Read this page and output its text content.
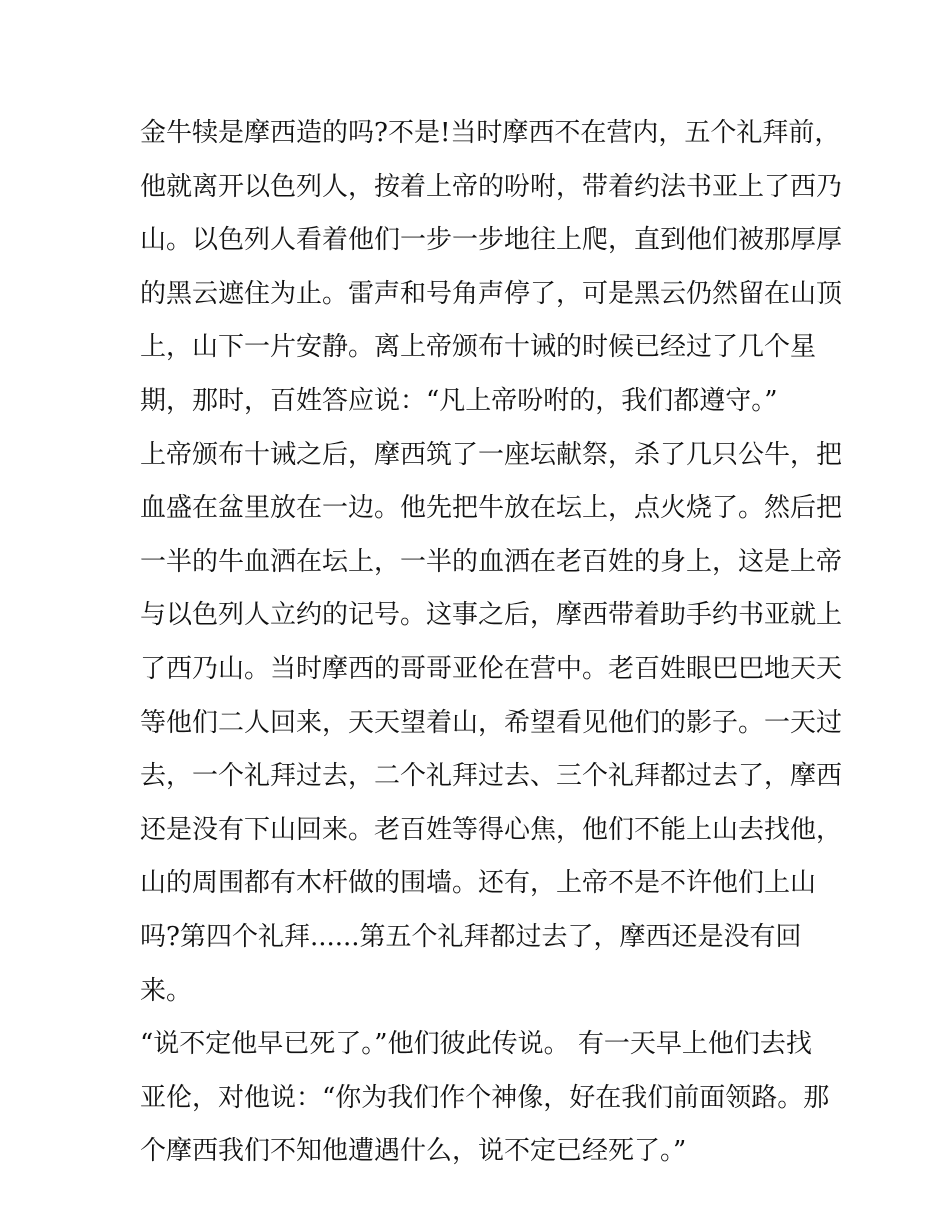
金牛犊是摩西造的吗?不是!当时摩西不在营内，五个礼拜前，
他就离开以色列人，按着上帝的吩咐，带着约法书亚上了西乃
山。以色列人看着他们一步一步地往上爬，直到他们被那厚厚
的黑云遮住为止。雷声和号角声停了，可是黑云仍然留在山顶
上，山下一片安静。离上帝颁布十诫的时候已经过了几个星
期，那时，百姓答应说：“凡上帝吩咐的，我们都遵守。”
上帝颁布十诫之后，摩西筑了一座坛献祭，杀了几只公牛，把
血盛在盆里放在一边。他先把牛放在坛上，点火烧了。然后把
一半的牛血洒在坛上，一半的血洒在老百姓的身上，这是上帝
与以色列人立约的记号。这事之后，摩西带着助手约书亚就上
了西乃山。当时摩西的哥哥亚伦在营中。老百姓眼巴巴地天天
等他们二人回来，天天望着山，希望看见他们的影子。一天过
去，一个礼拜过去，二个礼拜过去、三个礼拜都过去了，摩西
还是没有下山回来。老百姓等得心焦，他们不能上山去找他，
山的周围都有木杆做的围墙。还有，上帝不是不许他们上山
吗?第四个礼拜......第五个礼拜都过去了，摩西还是没有回
来。
“说不定他早已死了。”他们彼此传说。 有一天早上他们去找
亚伦，对他说：“你为我们作个神像，好在我们前面领路。那
个摩西我们不知他遭遇什么，说不定已经死了。”
